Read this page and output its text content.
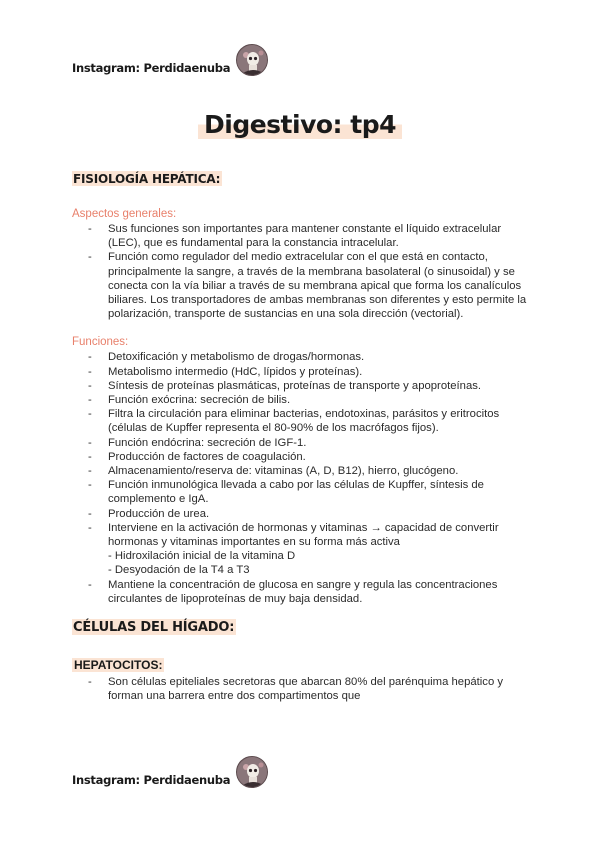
Instagram: Perdidaenuba
Digestivo: tp4
FISIOLOGÍA HEPÁTICA:
Aspectos generales:
- Sus funciones son importantes para mantener constante el líquido extracelular (LEC), que es fundamental para la constancia intracelular.
- Función como regulador del medio extracelular con el que está en contacto, principalmente la sangre, a través de la membrana basolateral (o sinusoidal) y se conecta con la vía biliar a través de su membrana apical que forma los canalículos biliares. Los transportadores de ambas membranas son diferentes y esto permite la polarización, transporte de sustancias en una sola dirección (vectorial).
Funciones:
- Detoxificación y metabolismo de drogas/hormonas.
- Metabolismo intermedio (HdC, lípidos y proteínas).
- Síntesis de proteínas plasmáticas, proteínas de transporte y apoproteínas.
- Función exócrina: secreción de bilis.
- Filtra la circulación para eliminar bacterias, endotoxinas, parásitos y eritrocitos (células de Kupffer representa el 80-90% de los macrófagos fijos).
- Función endócrina: secreción de IGF-1.
- Producción de factores de coagulación.
- Almacenamiento/reserva de: vitaminas (A, D, B12), hierro, glucógeno.
- Función inmunológica llevada a cabo por las células de Kupffer, síntesis de complemento e IgA.
- Producción de urea.
- Interviene en la activación de hormonas y vitaminas → capacidad de convertir hormonas y vitaminas importantes en su forma más activa
- Hidroxilación inicial de la vitamina D
- Desyodación de la T4 a T3
- Mantiene la concentración de glucosa en sangre y regula las concentraciones circulantes de lipoproteínas de muy baja densidad.
CÉLULAS DEL HÍGADO:
HEPATOCITOS:
- Son células epiteliales secretoras que abarcan 80% del parénquima hepático y forman una barrera entre dos compartimentos que
Instagram: Perdidaenuba
